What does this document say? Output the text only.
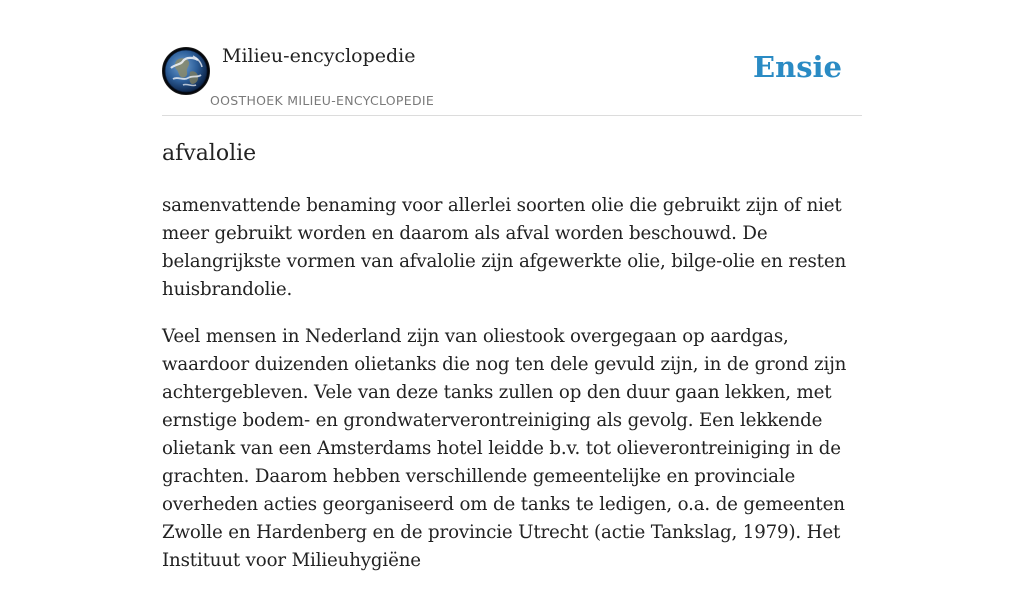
Milieu-encyclopedie
OOSTHOEK MILIEU-ENCYCLOPEDIE
Ensie
afvalolie

samenvattende benaming voor allerlei soorten olie die gebruikt zijn of niet meer gebruikt worden en daarom als afval worden beschouwd. De belangrijkste vormen van afvalolie zijn afgewerkte olie, bilge-olie en resten huisbrandolie.

Veel mensen in Nederland zijn van oliestook overgegaan op aardgas, waardoor duizenden olietanks die nog ten dele gevuld zijn, in de grond zijn achtergebleven. Vele van deze tanks zullen op den duur gaan lekken, met ernstige bodem- en grondwaterverontreiniging als gevolg. Een lekkende olietank van een Amsterdams hotel leidde b.v. tot olieverontreiniging in de grachten. Daarom hebben verschillende gemeentelijke en provinciale overheden acties georganiseerd om de tanks te ledigen, o.a. de gemeenten Zwolle en Hardenberg en de provincie Utrecht (actie Tankslag, 1979). Het Instituut voor Milieuhygiëne
